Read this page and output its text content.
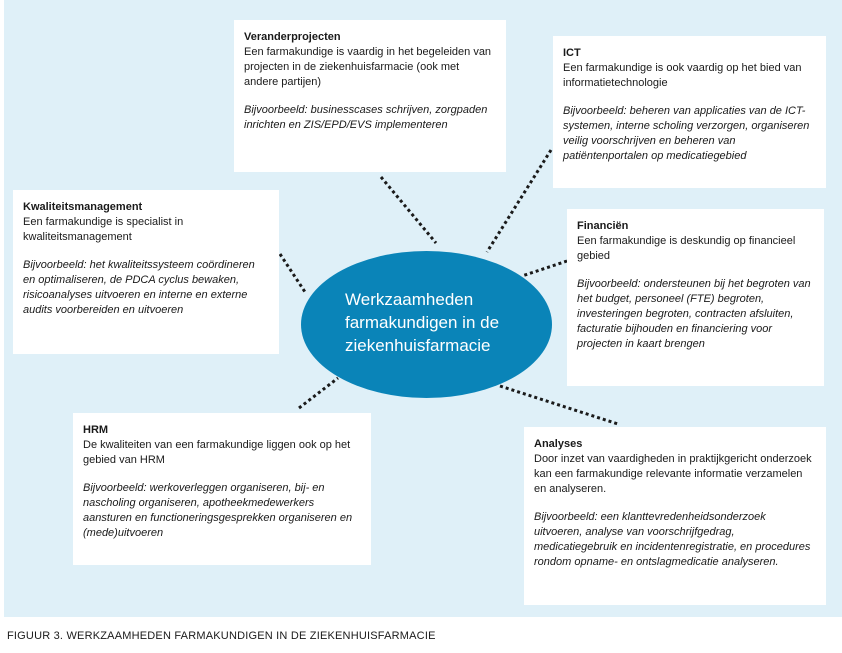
Veranderprojecten
Een farmakundige is vaardig in het begeleiden van projecten in de ziekenhuisfarmacie (ook met andere partijen)
Bijvoorbeeld: businesscases schrijven, zorgpaden inrichten en ZIS/EPD/EVS implementeren
ICT
Een farmakundige is ook vaardig op het bied van informatietechnologie
Bijvoorbeeld: beheren van applicaties van de ICT-systemen, interne scholing verzorgen, organiseren veilig voorschrijven en beheren van patiëntenportalen op medicatiegebied
Kwaliteitsmanagement
Een farmakundige is specialist in kwaliteitsmanagement
Bijvoorbeeld: het kwaliteitssysteem coördineren en optimaliseren, de PDCA cyclus bewaken, risicoanalyses uitvoeren en interne en externe audits voorbereiden en uitvoeren
Financiën
Een farmakundige is deskundig op financieel gebied
Bijvoorbeeld: ondersteunen bij het begroten van het budget, personeel (FTE) begroten, investeringen begroten, contracten afsluiten, facturatie bijhouden en financiering voor projecten in kaart brengen
HRM
De kwaliteiten van een farmakundige liggen ook op het gebied van HRM
Bijvoorbeeld: werkoverleggen organiseren, bij- en nascholing organiseren, apotheekmedewerkers aansturen en functioneringsgesprekken organiseren en (mede)uitvoeren
Analyses
Door inzet van vaardigheden in praktijkgericht onderzoek kan een farmakundige relevante informatie verzamelen en analyseren.
Bijvoorbeeld: een klanttevredenheidsonderzoek uitvoeren, analyse van voorschrijfgedrag, medicatiegebruik en incidentenregistratie, en procedures rondom opname- en ontslagmedicatie analyseren.
Werkzaamheden
farmakundigen in de
ziekenhuisfarmacie
FIGUUR 3. WERKZAAMHEDEN FARMAKUNDIGEN IN DE ZIEKENHUISFARMACIE
